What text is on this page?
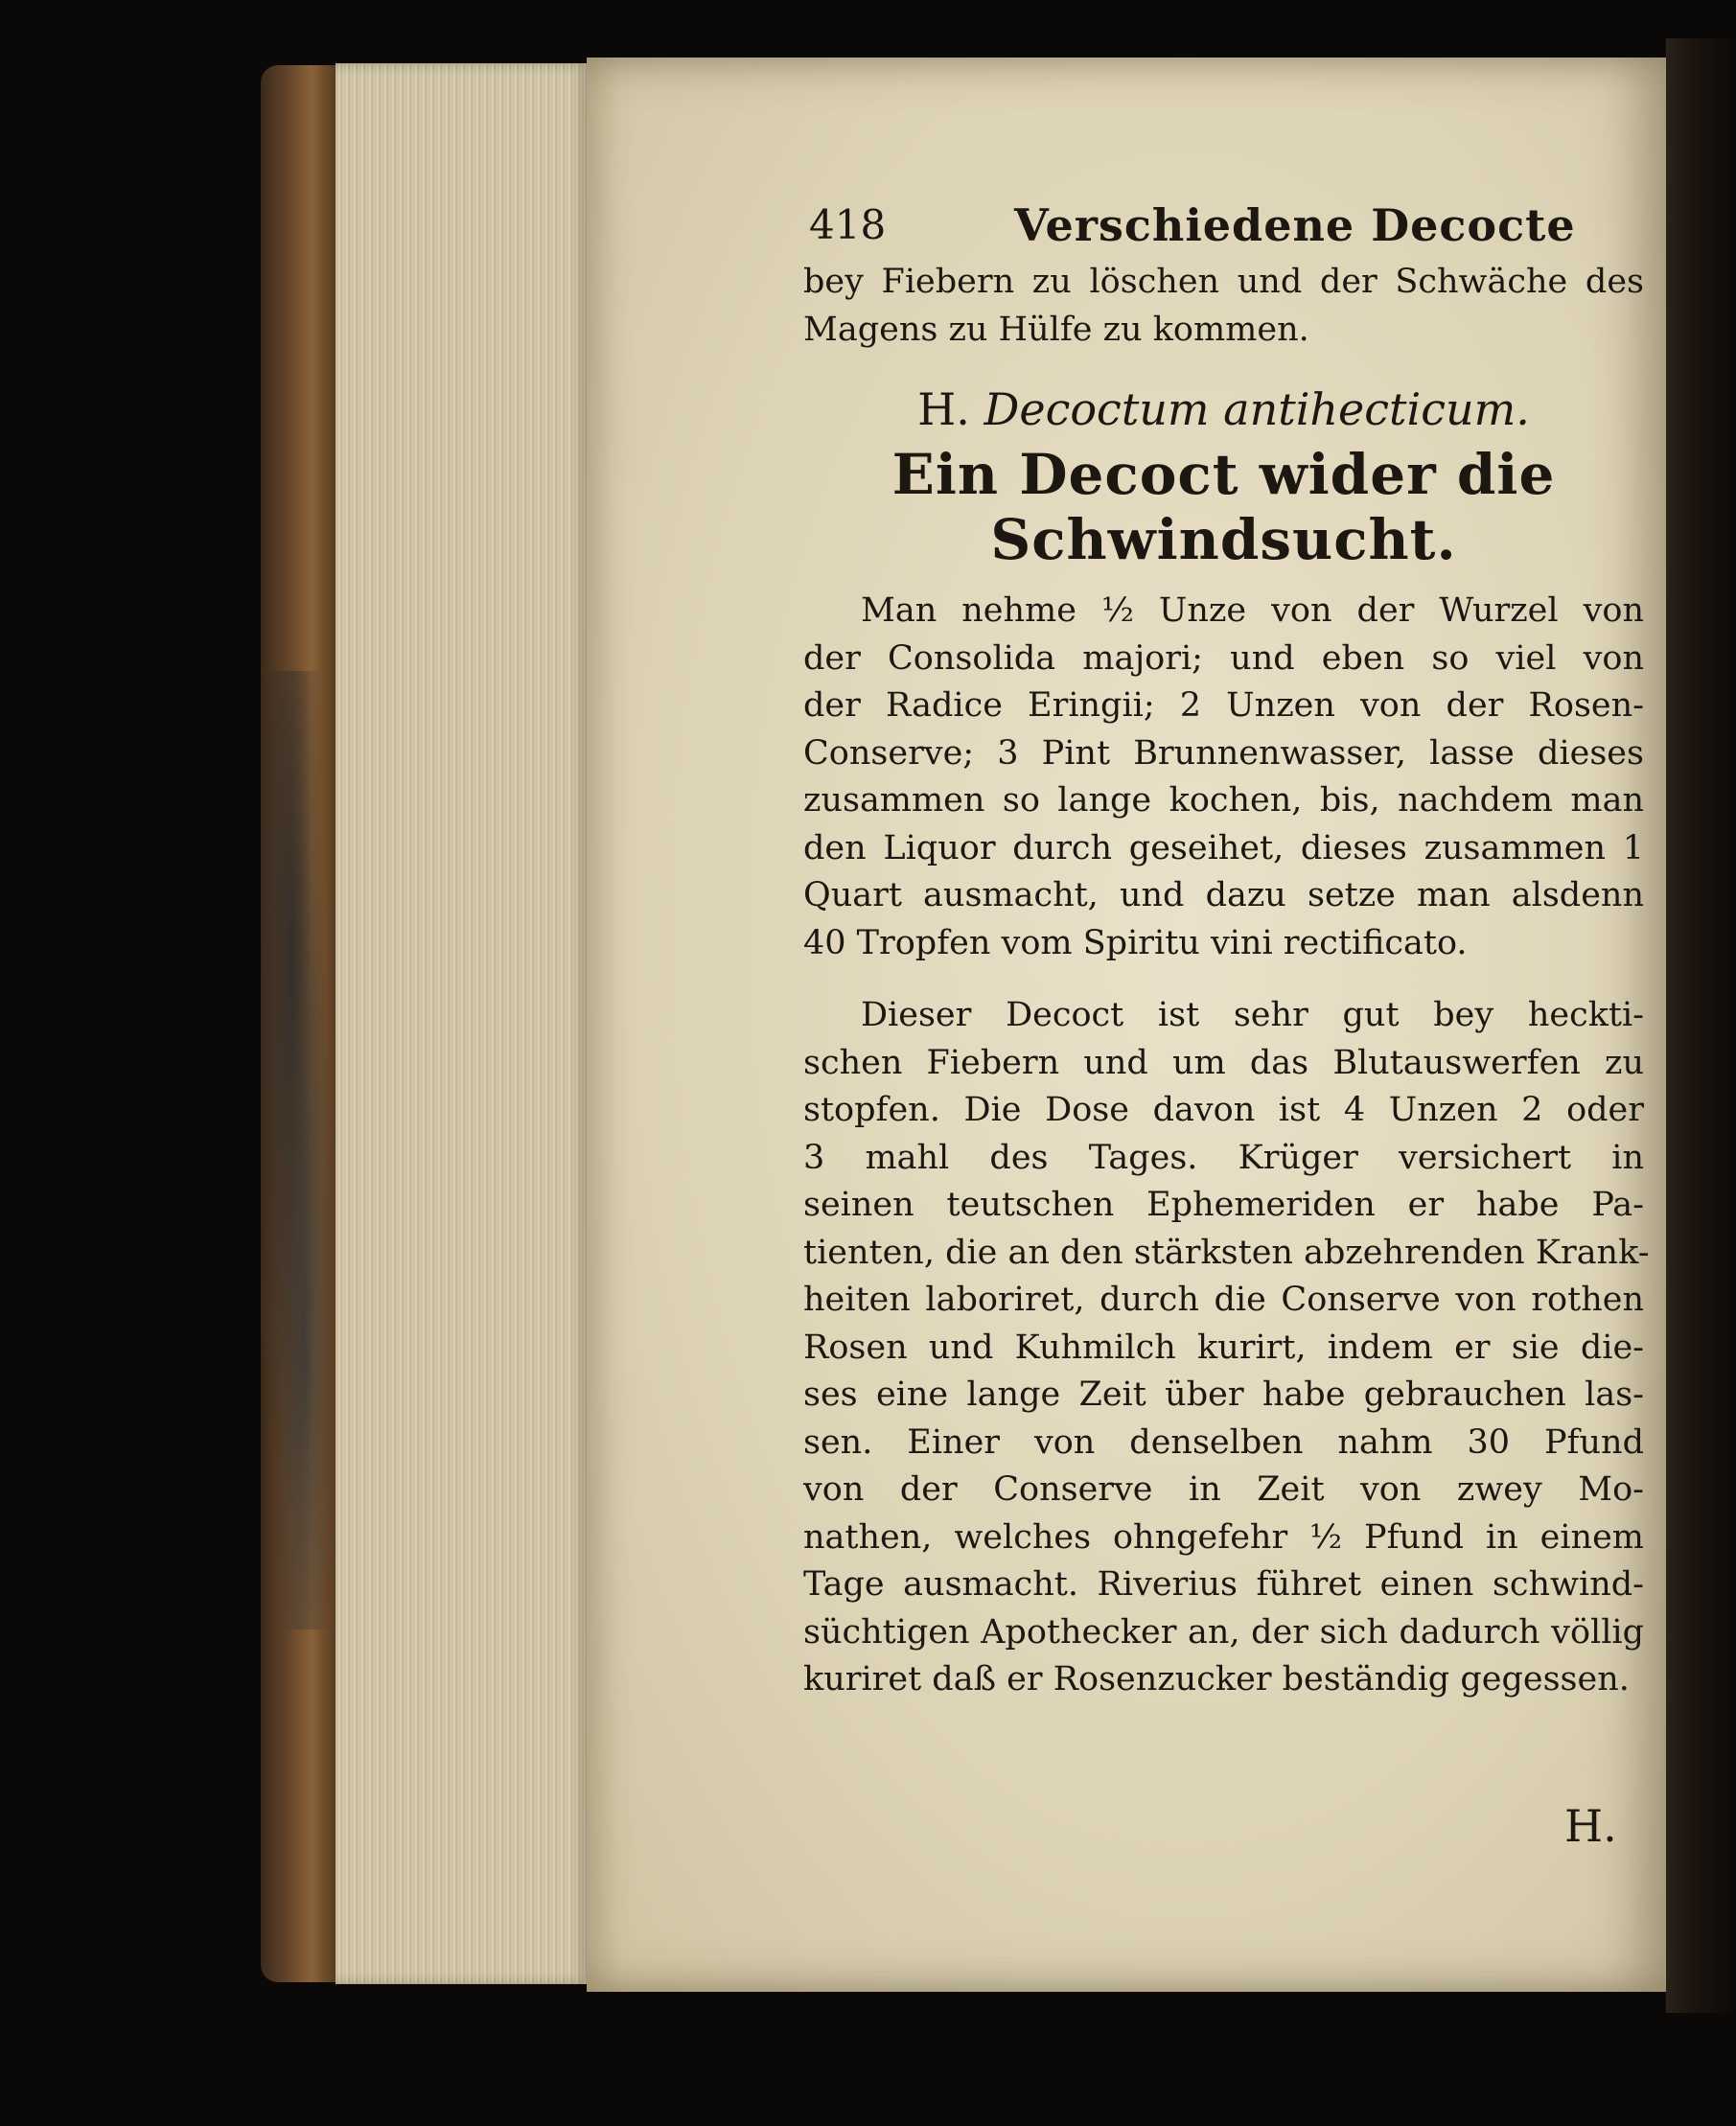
418	Verschiedene Decocte
bey Fiebern zu löschen und der Schwäche des
Magens zu Hülfe zu kommen.
H. Decoctum antihecticum.
Ein Decoct wider die Schwindsucht.
Man nehme ½ Unze von der Wurzel von
der Consolida majori; und eben so viel von
der Radice Eringii; 2 Unzen von der Rosen-
Conserve; 3 Pint Brunnenwasser, lasse dieses
zusammen so lange kochen, bis, nachdem man
den Liquor durch geseihet, dieses zusammen 1
Quart ausmacht, und dazu setze man alsdenn
40 Tropfen vom Spiritu vini rectificato.
Dieser Decoct ist sehr gut bey heckti-
schen Fiebern und um das Blutauswerfen zu
stopfen. Die Dose davon ist 4 Unzen 2 oder
3 mahl des Tages. Krüger versichert in
seinen teutschen Ephemeriden er habe Pa-
tienten, die an den stärksten abzehrenden Krank-
heiten laboriret, durch die Conserve von rothen
Rosen und Kuhmilch kurirt, indem er sie die-
ses eine lange Zeit über habe gebrauchen las-
sen. Einer von denselben nahm 30 Pfund
von der Conserve in Zeit von zwey Mo-
nathen, welches ohngefehr ½ Pfund in einem
Tage ausmacht. Riverius führet einen schwind-
süchtigen Apothecker an, der sich dadurch völlig
kuriret daß er Rosenzucker beständig gegessen.
H.
